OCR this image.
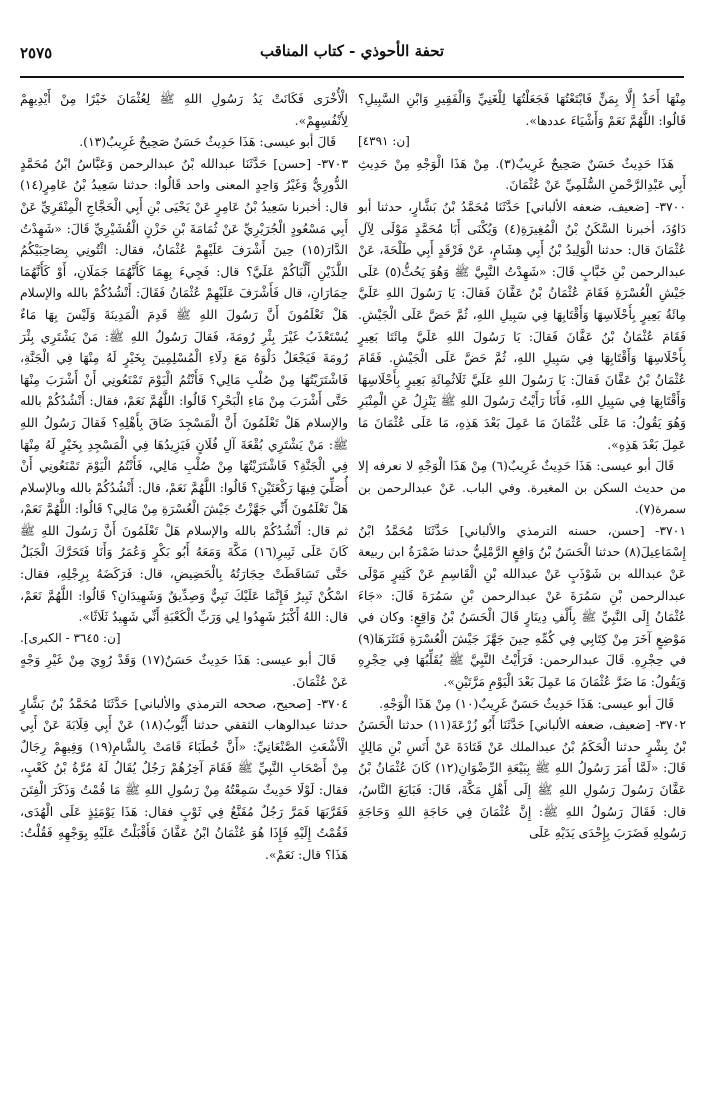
تحفة الأحوذي - كتاب المناقب
٢٥٧٥

مِنْهَا أَحَدٌ إِلَّا بِمَنٍّ فَابْتَعْتُهَا فَجَعَلْتُهَا لِلْغَنِيِّ وَالْفَقِيرِ وَابْنِ السَّبِيلِ؟ قَالُوا: اللَّهُمَّ نَعَمْ وَأَشْيَاءَ عددها».

[ن: ٤٣٩١]

هَذَا حَدِيثٌ حَسَنٌ صَحِيحٌ غَرِيبٌ(٣). مِنْ هَذَا الْوَجْهِ مِنْ حَدِيثِ أَبِي عَبْدِالرَّحْمنِ السُّلَمِيِّ عَنْ عُثْمَانَ.

٣٧٠٠- [ضعيف، ضعفه الألباني] حَدَّثَنَا مُحَمَّدُ بْنُ بَشَّارٍ، حدثنا أبو دَاوُدَ، أخبرنا السَّكَنُ بْنُ الْمُغِيرَةِ(٤) وَيُكْنَى أَبَا مُحَمَّدٍ مَوْلَى لِآلِ عُثْمَانَ قال: حدثنا الْوَلِيدُ بْنُ أَبِي هِشَامٍ، عَنْ فَرْقَدٍ أَبِي طَلْحَةَ، عَنْ عبدالرحمن بْنِ خَبَّابٍ قَالَ: «شَهِدْتُ النَّبِيَّ ﷺ وَهُوَ يَحُثُّ(٥) عَلَى جَيْشِ الْعُسْرَةِ فَقَامَ عُثْمَانُ بْنُ عَفَّانَ فَقالَ: يَا رَسُولَ اللهِ عَلَيَّ مِائَةُ بَعِيرٍ بِأَحْلَاسِهَا وَأَقْتَابِهَا فِي سَبِيلِ اللهِ، ثُمَّ حَضَّ عَلَى الْجَيْشِ. فَقَامَ عُثْمَانُ بْنُ عَفَّانَ فَقالَ: يَا رَسُولَ اللهِ عَلَيَّ مِائَتَا بَعِيرٍ بِأَحْلَاسِهَا وَأَقْتَابِهَا فِي سَبِيلِ اللهِ، ثُمَّ حَضَّ عَلَى الْجَيْشِ. فَقَامَ عُثْمَانُ بْنُ عَفَّانَ فَقالَ: يَا رَسُولَ اللهِ عَلَيَّ ثَلَاثُمِائَةِ بَعِيرٍ بِأَحْلَاسِهَا وَأَقْتَابِهَا فِي سَبِيلِ اللهِ، فَأَنَا رَأَيْتُ رَسُولَ اللهِ ﷺ يَنْزِلُ عَنِ الْمِنْبَرِ وَهُوَ يَقُولُ: مَا عَلَى عُثْمَانَ مَا عَمِلَ بَعْدَ هَذِهِ، مَا عَلَى عُثْمَانَ مَا عَمِلَ بَعْدَ هَذِهِ».

قَالَ أبو عيسى: هَذَا حَدِيثٌ غَرِيبٌ(٦) مِنْ هَذَا الْوَجْهِ لا نعرفه إلا من حديث السكن بن المغيرة. وفي الباب. عَنْ عبدالرحمن بن سمرة(٧).

٣٧٠١- [حسن، حسنه الترمذي والألباني] حَدَّثَنَا مُحَمَّدُ ابْنُ إِسْمَاعِيلَ(٨) حدثنا الْحَسَنُ بْنُ وَاقِعٍ الرَّمْلِيُّ حدثنا ضَمْرَةُ ابن ربيعة عَنْ عبدالله بن شَوْذَبٍ عَنْ عبدالله بْنِ الْقَاسِمِ عَنْ كَثِيرٍ مَوْلَى عبدالرحمن بْنِ سَمُرَةَ عَنْ عبدالرحمن بْنِ سَمُرَةَ قَالَ: «جَاءَ عُثْمَانُ إِلَى النَّبِيِّ ﷺ بِأَلْفِ دِينَارٍ قَالَ الْحَسَنُ بْنُ وَاقِعٍ: وكان في مَوْضِعٍ آخَرَ مِنْ كِتَابِي فِي كُمِّهِ حِينَ جَهَّزَ جَيْشَ الْعُسْرَةِ فَنَثَرَهَا(٩) في حِجْرِهِ. قَالَ عبدالرحمن: فَرَأَيْتُ النَّبِيَّ ﷺ يُقَلِّبُهَا فِي حِجْرِهِ وَيَقُولُ: مَا ضَرَّ عُثْمَانَ مَا عَمِلَ بَعْدَ الْيَوْمِ مَرَّتَيْنِ».

قَالَ أبو عيسى: هَذَا حَدِيثٌ حَسَنٌ غَرِيبٌ(١٠) مِنْ هَذَا الْوَجْهِ.

٣٧٠٢- [ضعيف، ضعفه الألباني] حَدَّثَنَا أَبُو زُرْعَةَ(١١) حدثنا الْحَسَنُ بْنُ بِشْرٍ حدثنا الْحَكَمُ بْنُ عبدالملك عَنْ قَتَادَةَ عَنْ أَنَسِ بْنِ مَالِكٍ قَالَ: «لَمَّا أَمَرَ رَسُولُ اللهِ ﷺ بِبَيْعَةِ الرِّضْوَانِ(١٢) كَانَ عُثْمَانُ بْنُ عَفَّانَ رَسُولَ رَسُولِ اللهِ ﷺ إِلَى أَهْلِ مَكَّةَ، قَالَ: فَبَايَعَ النَّاسُ، قال: فَقَالَ رَسُولُ اللهِ ﷺ: إِنَّ عُثْمَانَ فِي حَاجَةِ اللهِ وَحَاجَةِ رَسُولِهِ فَضَرَبَ بِإِحْدَى يَدَيْهِ عَلَى

الْأُخْرَى فَكَانَتْ يَدُ رَسُولِ اللهِ ﷺ لِعُثْمَانَ خَيْرًا مِنْ أَيْدِيهِمْ لِأَنْفُسِهِمْ».

قَالَ أبو عيسى: هَذَا حَدِيثٌ حَسَنٌ صَحِيحٌ غَرِيبٌ(١٣).

٣٧٠٣- [حسن] حَدَّثَنَا عبدالله بْنُ عبدالرحمن وَعَبَّاسُ ابْنُ مُحَمَّدٍ الدُّورِيُّ وَغَيْرُ وَاحِدٍ المعنى واحد قَالُوا: حدثنا سَعِيدُ بْنُ عَامِرٍ(١٤) قال: أخبرنا سَعِيدُ بْنُ عَامِرٍ عَنْ يَحْيَى بْنِ أَبِي الْحَجَّاجِ الْمِنْقَرِيِّ عَنْ أَبِي مَسْعُودٍ الْجُرَيْرِيِّ عَنْ ثُمَامَةَ بْنِ حَزْنٍ الْقُشَيْرِيِّ قَالَ: «شَهِدْتُ الدَّارَ(١٥) حِينَ أَشْرَفَ عَلَيْهِمْ عُثْمَانُ، فقال: ائْتُونِي بِصَاحِبَيْكُمُ اللَّذَيْنِ أَلَّبَاكُمْ عَلَيَّ؟ قال: فَجِيءَ بِهِمَا كَأَنَّهُمَا جَمَلَانِ، أَوْ كَأَنَّهُمَا حِمَارَانِ، قال فَأَشْرَفَ عَلَيْهِمْ عُثْمَانُ فَقَالَ: أَنْشُدُكُمْ بالله والإسلام هَلْ تَعْلَمُونَ أَنَّ رَسُولَ اللهِ ﷺ قَدِمَ الْمَدِينَةَ وَلَيْسَ بِهَا مَاءٌ يُسْتَعْذَبُ غَيْرَ بِئْرِ رُومَةَ، فَقالَ رَسُولُ اللهِ ﷺ: مَنْ يَشْتَرِي بِئْرَ رُومَةَ فَيَجْعَلُ دَلْوَهُ مَعَ دِلَاءِ الْمُسْلِمِينَ بِخَيْرٍ لَهُ مِنْهَا فِي الْجَنَّةِ، فَاشْتَرَيْتُهَا مِنْ صُلْبِ مَالِي؟ فَأَنْتُمُ الْيَوْمَ تَمْنَعُونِي أَنْ أَشْرَبَ مِنْهَا حَتَّى أَشْرَبَ مِنْ مَاءِ الْبَحْرِ؟ قَالُوا: اللَّهُمَّ نَعَمْ، فقال: أَنْشُدُكُمْ بالله والإسلام هَلْ تَعْلَمُونَ أَنَّ الْمَسْجِدَ ضَاقَ بِأَهْلِهِ؟ فَقالَ رَسُولُ اللهِ ﷺ: مَنْ يَشْتَرِي بُقْعَةَ آلِ فُلَانٍ فَيَزِيدُهَا فِي الْمَسْجِدِ بِخَيْرٍ لَهُ مِنْهَا فِي الْجَنَّةِ؟ فَاشْتَرَيْتُهَا مِنْ صُلْبِ مَالِي، فَأَنْتُمُ الْيَوْمَ تَمْنَعُونِي أَنْ أُصَلِّيَ فِيهَا رَكْعَتَيْنِ؟ قَالُوا: اللَّهُمَّ نَعَمْ، قال: أَنْشُدُكُمْ بالله وبالإسلام هَلْ تَعْلَمُونَ أَنِّي جَهَّزْتُ جَيْشَ الْعُسْرَةِ مِنْ مَالِي؟ قَالُوا: اللَّهُمَّ نَعَمْ، ثم قال: أَنْشُدُكُمْ بالله والإسلام هَلْ تَعْلَمُونَ أَنَّ رَسُولَ اللهِ ﷺ كَانَ عَلَى ثَبِيرِ(١٦) مَكَّةَ وَمَعَهُ أَبُو بَكْرٍ وَعُمَرُ وَأَنَا فَتَحَرَّكَ الْجَبَلُ حَتَّى تَسَاقَطَتْ حِجَارَتُهُ بِالْحَضِيضِ، قال: فَرَكَضَهُ بِرِجْلِهِ، فقال: اسْكُنْ ثَبِيرُ فَإِنَّمَا عَلَيْكَ نَبِيٌّ وَصِدِّيقٌ وَشَهِيدَانِ؟ قَالُوا: اللَّهُمَّ نَعَمْ، قال: اللهُ أَكْبَرُ شَهِدُوا لِي وَرَبِّ الْكَعْبَةِ أَنِّي شَهِيدٌ ثَلَاثًا».

[ن: ٣٦٤٥ - الكبرى].

قَالَ أبو عيسى: هَذَا حَدِيثٌ حَسَنٌ(١٧) وَقَدْ رُوِيَ مِنْ غَيْرِ وَجْهٍ عَنْ عُثْمَانَ.

٣٧٠٤- [صحيح، صححه الترمذي والألباني] حَدَّثَنَا مُحَمَّدُ بْنُ بَشَّارٍ حدثنا عبدالوهاب الثقفي حدثنا أَيُّوبُ(١٨) عَنْ أَبِي قِلَابَةَ عَنْ أَبِي الْأَشْعَثِ الصَّنْعَانِيِّ: «أَنَّ خُطَبَاءَ قَامَتْ بِالشَّامِ(١٩) وَفِيهِمْ رِجَالٌ مِنْ أَصْحَابِ النَّبِيِّ ﷺ فَقَامَ آخِرُهُمْ رَجُلٌ يُقَالُ لَهُ مُرَّةُ بْنُ كَعْبٍ، فقال: لَوْلَا حَدِيثٌ سَمِعْتُهُ مِنْ رَسُولِ اللهِ ﷺ مَا قُمْتُ وَذَكَرَ الْفِتَنَ فَقَرَّبَهَا فَمَرَّ رَجُلٌ مُقَنَّعٌ فِي ثَوْبٍ فقال: هَذَا يَوْمَئِذٍ عَلَى الْهُدَى، فَقُمْتُ إِلَيْهِ فَإِذَا هُوَ عُثْمَانُ ابْنُ عَفَّانَ فَأَقْبَلْتُ عَلَيْهِ بِوَجْهِهِ فَقُلْتُ: هَذَا؟ قال: نَعَمْ».
